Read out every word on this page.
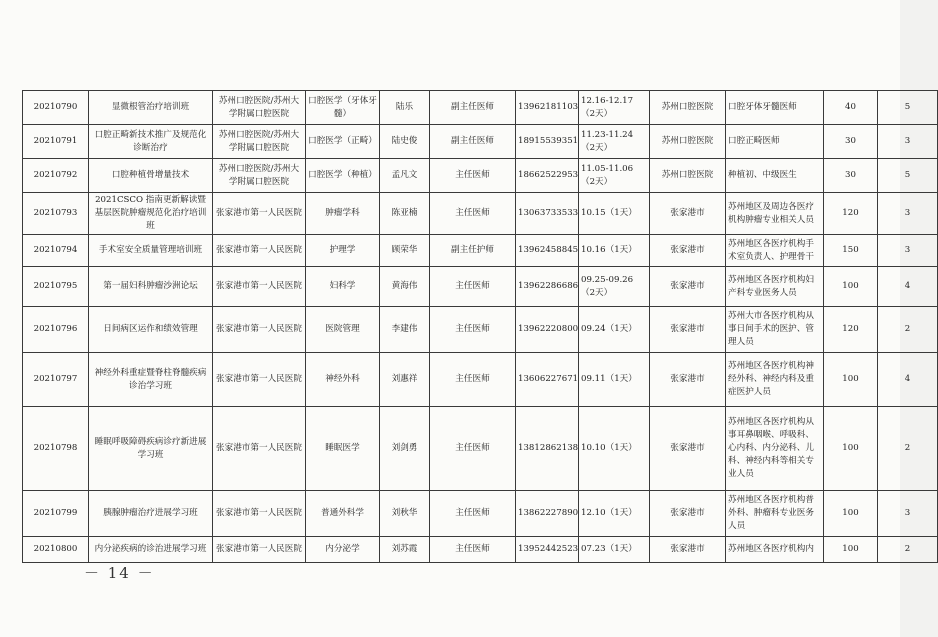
20210790	显微根管治疗培训班	苏州口腔医院/苏州大学附属口腔医院	口腔医学（牙体牙髓）	陆乐	副主任医师	13962181103	12.16-12.17（2天）	苏州口腔医院	口腔牙体牙髓医师	40	5
20210791	口腔正畸新技术推广及规范化诊断治疗	苏州口腔医院/苏州大学附属口腔医院	口腔医学（正畸）	陆史俊	副主任医师	18915539351	11.23-11.24（2天）	苏州口腔医院	口腔正畸医师	30	3
20210792	口腔种植骨增量技术	苏州口腔医院/苏州大学附属口腔医院	口腔医学（种植）	孟凡文	主任医师	18662522953	11.05-11.06（2天）	苏州口腔医院	种植初、中级医生	30	5
20210793	2021CSCO 指南更新解读暨基层医院肿瘤规范化治疗培训班	张家港市第一人民医院	肿瘤学科	陈亚楠	主任医师	13063733533	10.15（1天）	张家港市	苏州地区及周边各医疗机构肿瘤专业相关人员	120	3
20210794	手术室安全质量管理培训班	张家港市第一人民医院	护理学	顾荣华	副主任护师	13962458845	10.16（1天）	张家港市	苏州地区各医疗机构手术室负责人、护理骨干	150	3
20210795	第一届妇科肿瘤沙洲论坛	张家港市第一人民医院	妇科学	黄海伟	主任医师	13962286686	09.25-09.26（2天）	张家港市	苏州地区各医疗机构妇产科专业医务人员	100	4
20210796	日间病区运作和绩效管理	张家港市第一人民医院	医院管理	李建伟	主任医师	13962220800	09.24（1天）	张家港市	苏州大市各医疗机构从事日间手术的医护、管理人员	120	2
20210797	神经外科重症暨脊柱脊髓疾病诊治学习班	张家港市第一人民医院	神经外科	刘惠祥	主任医师	13606227671	09.11（1天）	张家港市	苏州地区各医疗机构神经外科、神经内科及重症医护人员	100	4
20210798	睡眠呼吸障碍疾病诊疗新进展学习班	张家港市第一人民医院	睡眠医学	刘剑勇	主任医师	13812862138	10.10（1天）	张家港市	苏州地区各医疗机构从事耳鼻咽喉、呼吸科、心内科、内分泌科、儿科、神经内科等相关专业人员	100	2
20210799	胰腺肿瘤治疗进展学习班	张家港市第一人民医院	普通外科学	刘秋华	主任医师	13862227890	12.10（1天）	张家港市	苏州地区各医疗机构普外科、肿瘤科专业医务人员	100	3
20210800	内分泌疾病的诊治进展学习班	张家港市第一人民医院	内分泌学	刘苏霞	主任医师	13952442523	07.23（1天）	张家港市	苏州地区各医疗机构内	100	2
－ 14 －
